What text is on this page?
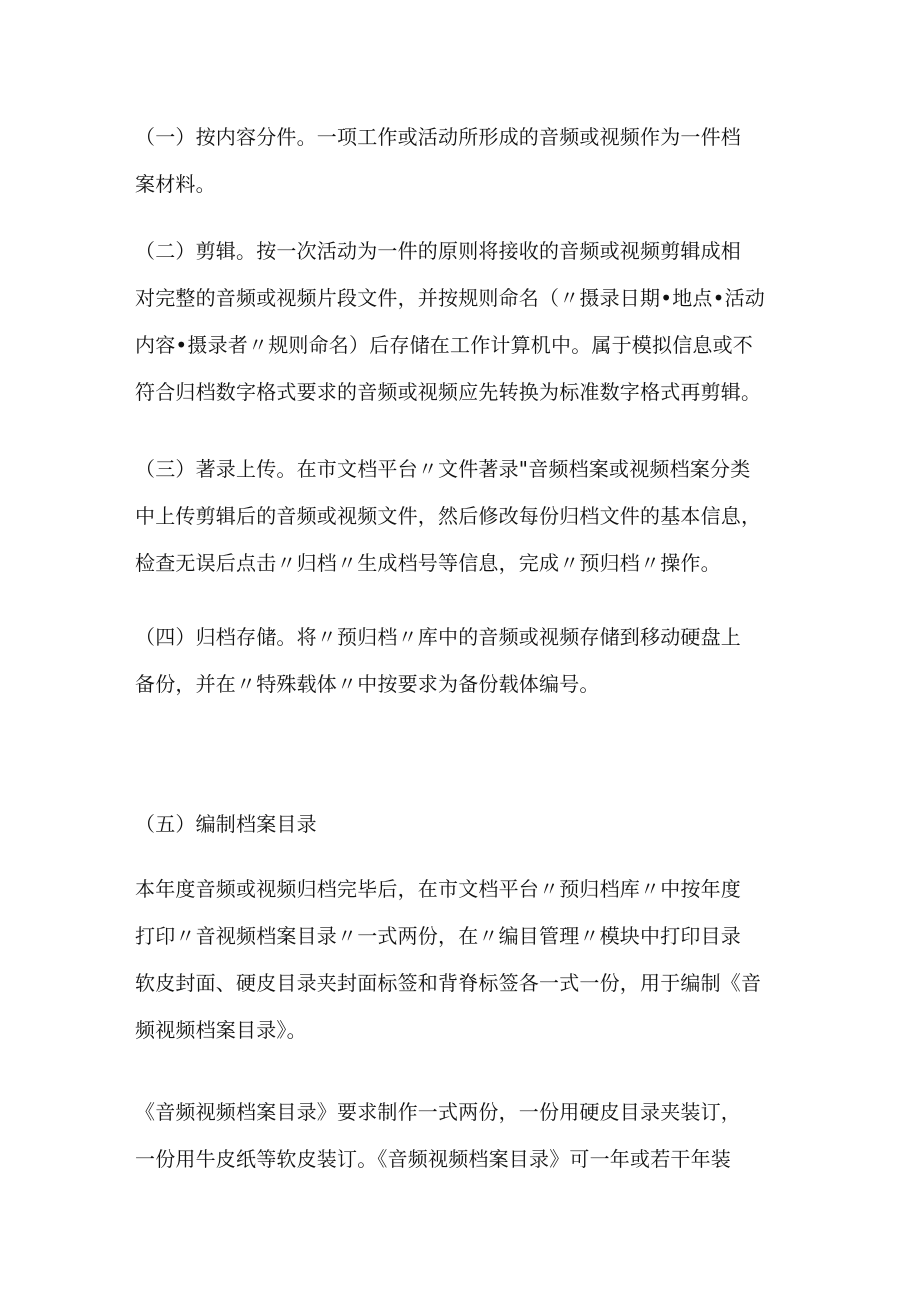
（一）按内容分件。一项工作或活动所形成的音频或视频作为一件档
案材料。

（二）剪辑。按一次活动为一件的原则将接收的音频或视频剪辑成相
对完整的音频或视频片段文件，并按规则命名（〃摄录日期•地点•活动
内容•摄录者〃规则命名）后存储在工作计算机中。属于模拟信息或不
符合归档数字格式要求的音频或视频应先转换为标准数字格式再剪辑。

（三）著录上传。在市文档平台〃文件著录"音频档案或视频档案分类
中上传剪辑后的音频或视频文件，然后修改每份归档文件的基本信息，
检查无误后点击〃归档〃生成档号等信息，完成〃预归档〃操作。

（四）归档存储。将〃预归档〃库中的音频或视频存储到移动硬盘上
备份，并在〃特殊载体〃中按要求为备份载体编号。

（五）编制档案目录

本年度音频或视频归档完毕后，在市文档平台〃预归档库〃中按年度
打印〃音视频档案目录〃一式两份，在〃编目管理〃模块中打印目录
软皮封面、硬皮目录夹封面标签和背脊标签各一式一份，用于编制《音
频视频档案目录》。

《音频视频档案目录》要求制作一式两份，一份用硬皮目录夹装订，
一份用牛皮纸等软皮装订。《音频视频档案目录》可一年或若干年装
